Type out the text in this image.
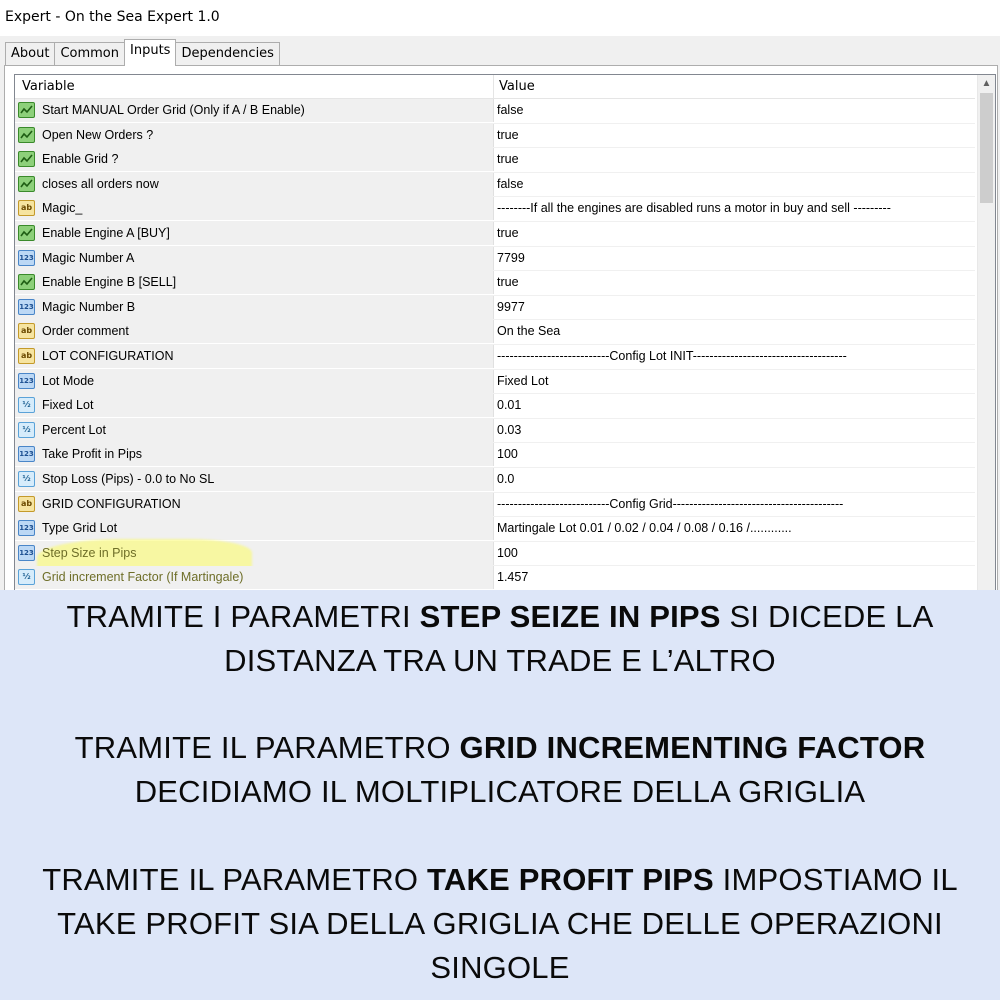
Expert - On the Sea Expert 1.0
About Common Inputs Dependencies
Variable	Value
Start MANUAL Order Grid (Only if A / B Enable)	false
Open New Orders ?	true
Enable Grid ?	true
closes all orders now	false
ab Magic_	--------If all the engines are disabled runs a motor in buy and sell ---------
Enable Engine A [BUY]	true
123 Magic Number A	7799
Enable Engine B [SELL]	true
123 Magic Number B	9977
ab Order comment	On the Sea
ab LOT CONFIGURATION	---------------------------Config Lot INIT-------------------------------------
123 Lot Mode	Fixed Lot
½ Fixed Lot	0.01
½ Percent Lot	0.03
123 Take Profit in Pips	100
½ Stop Loss (Pips) - 0.0 to No SL	0.0
ab GRID CONFIGURATION	---------------------------Config Grid-----------------------------------------
123 Type Grid Lot	Martingale Lot 0.01 / 0.02 / 0.04 / 0.08 / 0.16 /............
123 Step Size in Pips	100
½ Grid increment Factor (If Martingale)	1.457
▲
TRAMITE I PARAMETRI STEP SEIZE IN PIPS SI DICEDE LA DISTANZA TRA UN TRADE E L’ALTRO
TRAMITE IL PARAMETRO GRID INCREMENTING FACTOR DECIDIAMO IL MOLTIPLICATORE DELLA GRIGLIA
TRAMITE IL PARAMETRO TAKE PROFIT PIPS IMPOSTIAMO IL TAKE PROFIT SIA DELLA GRIGLIA CHE DELLE OPERAZIONI SINGOLE
